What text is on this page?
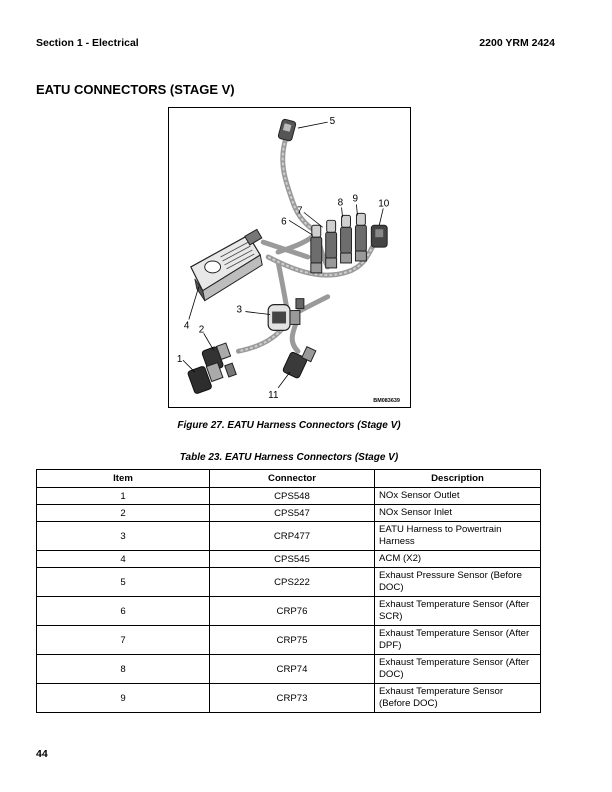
Section 1 - Electrical	2200 YRM 2424
EATU CONNECTORS (STAGE V)
5
6
7
8 9 10
3
4 2
1
11	BM083639
Figure 27. EATU Harness Connectors (Stage V)
Table 23. EATU Harness Connectors (Stage V)
Item	Connector	Description
1	CPS548	NOx Sensor Outlet
2	CPS547	NOx Sensor Inlet
3	CRP477	EATU Harness to Powertrain Harness
4	CPS545	ACM (X2)
5	CPS222	Exhaust Pressure Sensor (Before DOC)
6	CRP76	Exhaust Temperature Sensor (After SCR)
7	CRP75	Exhaust Temperature Sensor (After DPF)
8	CRP74	Exhaust Temperature Sensor (After DOC)
9	CRP73	Exhaust Temperature Sensor (Before DOC)
44
